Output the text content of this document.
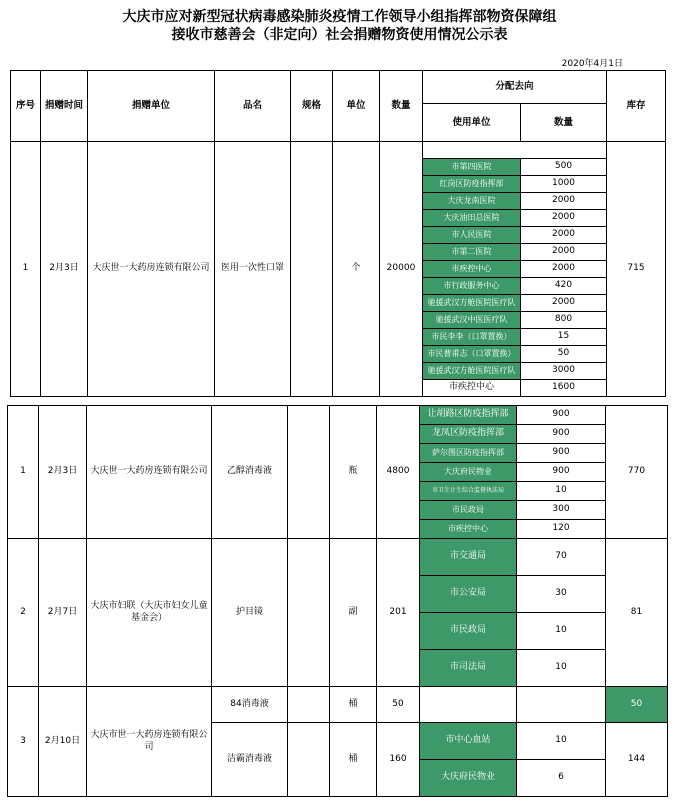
大庆市应对新型冠状病毒感染肺炎疫情工作领导小组指挥部物资保障组
接收市慈善会（非定向）社会捐赠物资使用情况公示表
2020年4月1日
序号	捐赠时间	捐赠单位	品名	规格	单位	数量	分配去向		库存
							使用单位	数量	
1	2月3日	大庆世一大药房连锁有限公司	医用一次性口罩		个	20000			715
							市第四医院	500	
							红岗区防疫指挥部	1000	
							大庆龙南医院	2000	
							大庆油田总医院	2000	
							市人民医院	2000	
							市第二医院	2000	
							市疾控中心	2000	
							市行政服务中心	420	
							驰援武汉方舱医院医疗队	2000	
							驰援武汉中医医疗队	800	
							市民李李（口罩置换）	15	
							市民曹甫志（口罩置换）	50	
							驰援武汉方舱医院医疗队	3000	
							市疾控中心	1600	
1	2月3日	大庆世一大药房连锁有限公司	乙醇消毒液		瓶	4800	让胡路区防疫指挥部	900	770
							龙凤区防疫指挥部	900	
							萨尔图区防疫指挥部	900	
							大庆府民物业	900	
							市卫生计生综合监督执法局	10	
							市民政局	300	
							市疾控中心	120	
2	2月7日	大庆市妇联（大庆市妇女儿童基金会）	护目镜		副	201	市交通局	70	81
							市公安局	30	
							市民政局	10	
							市司法局	10	
3	2月10日	大庆市世一大药房连锁有限公司	84消毒液		桶	50			50
			洁霸消毒液		桶	160	市中心血站	10	144
							大庆府民物业	6	
